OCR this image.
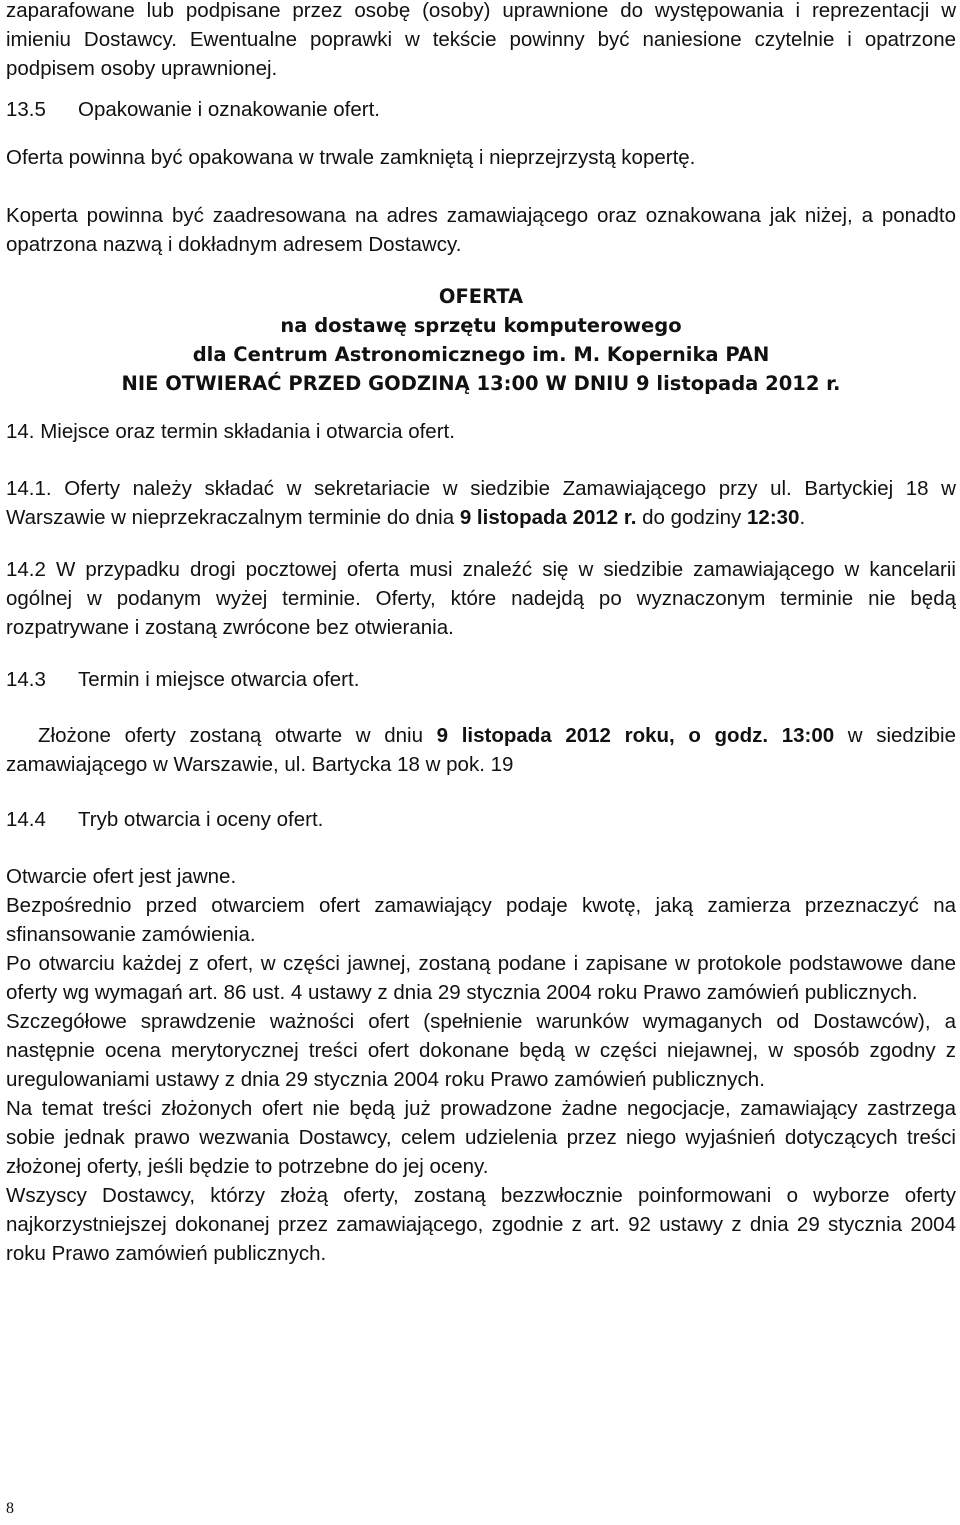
zaparafowane lub podpisane przez osobę (osoby) uprawnione do występowania i reprezentacji w imieniu Dostawcy. Ewentualne poprawki w tekście powinny być naniesione czytelnie i opatrzone podpisem osoby uprawnionej.

13.5 Opakowanie i oznakowanie ofert.

Oferta powinna być opakowana w trwale zamkniętą i nieprzejrzystą kopertę.

Koperta powinna być zaadresowana na adres zamawiającego oraz oznakowana jak niżej, a ponadto opatrzona nazwą i dokładnym adresem Dostawcy.

OFERTA
na dostawę sprzętu komputerowego
dla Centrum Astronomicznego im. M. Kopernika PAN
NIE OTWIERAĆ PRZED GODZINĄ 13:00 W DNIU 9 listopada 2012 r.

14. Miejsce oraz termin składania i otwarcia ofert.

14.1. Oferty należy składać w sekretariacie w siedzibie Zamawiającego przy ul. Bartyckiej 18 w Warszawie w nieprzekraczalnym terminie do dnia 9 listopada 2012 r. do godziny 12:30.

14.2 W przypadku drogi pocztowej oferta musi znaleźć się w siedzibie zamawiającego w kancelarii ogólnej w podanym wyżej terminie. Oferty, które nadejdą po wyznaczonym terminie nie będą rozpatrywane i zostaną zwrócone bez otwierania.

14.3 Termin i miejsce otwarcia ofert.

Złożone oferty zostaną otwarte w dniu 9 listopada 2012 roku, o godz. 13:00 w siedzibie zamawiającego w Warszawie, ul. Bartycka 18 w pok. 19

14.4 Tryb otwarcia i oceny ofert.

Otwarcie ofert jest jawne.

Bezpośrednio przed otwarciem ofert zamawiający podaje kwotę, jaką zamierza przeznaczyć na sfinansowanie zamówienia.

Po otwarciu każdej z ofert, w części jawnej, zostaną podane i zapisane w protokole podstawowe dane oferty wg wymagań art. 86 ust. 4 ustawy z dnia 29 stycznia 2004 roku Prawo zamówień publicznych.

Szczegółowe sprawdzenie ważności ofert (spełnienie warunków wymaganych od Dostawców), a następnie ocena merytorycznej treści ofert dokonane będą w części niejawnej, w sposób zgodny z uregulowaniami ustawy z dnia 29 stycznia 2004 roku Prawo zamówień publicznych.

Na temat treści złożonych ofert nie będą już prowadzone żadne negocjacje, zamawiający zastrzega sobie jednak prawo wezwania Dostawcy, celem udzielenia przez niego wyjaśnień dotyczących treści złożonej oferty, jeśli będzie to potrzebne do jej oceny.

Wszyscy Dostawcy, którzy złożą oferty, zostaną bezzwłocznie poinformowani o wyborze oferty najkorzystniejszej dokonanej przez zamawiającego, zgodnie z art. 92 ustawy z dnia 29 stycznia 2004 roku Prawo zamówień publicznych.

8
